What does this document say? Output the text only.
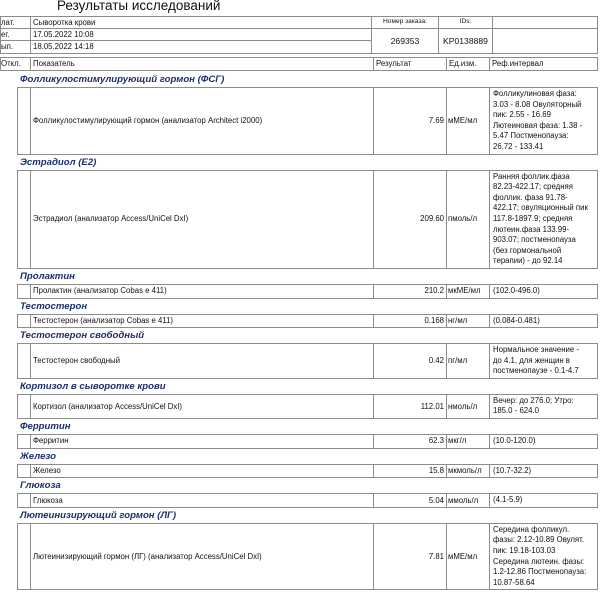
Результаты исследований
лат.	Сыворотка крови	Номер заказа:	IDs:
ег.	17.05.2022 10:08
269353	KP0138889
ып.	18.05.2022 14:18
Откл.	Показатель	Результат	Ед.изм.	Реф.интервал
Фолликулостимулирующий гормон (ФСГ)
Фолликулостимулирующий гормон (анализатор Architect i2000)	7.69 мМЕ/мл
Фолликулиновая фаза:
3.03 - 8.08 Овуляторный
пик: 2.55 - 16.69
Лютеиновая фаза: 1.38 -
5.47 Постменопауза:
26.72 - 133.41
Эстрадиол (Е2)
Эстрадиол (анализатор Access/UniCel DxI)	209.60 пмоль/л
Ранняя фоллик.фаза
82.23-422.17; средняя
фоллик. фаза 91.78-
422.17; овуляционный пик
117.8-1897.9; средняя
лютеин.фаза 133.99-
903.07; постменопауза
(без гормональной
терапии) - до 92.14
Пролактин
Пролактин (анализатор Cobas e 411)	210.2 мкМЕ/мл	(102.0-496.0)
Тестостерон
Тестостерон (анализатор Cobas e 411)	0.168 нг/мл	(0.084-0.481)
Тестостерон свободный
Тестостерон свободный	0.42 пг/мл
Нормальное значение -
до 4.1, для женщин в
постменопаузе - 0.1-4.7
Кортизол в сыворотке крови
Кортизол (анализатор Access/UniCel DxI)	112.01 нмоль/л
Вечер: до 276.0; Утро:
185.0 - 624.0
Ферритин
Ферритин	62.3 мкг/л	(10.0-120.0)
Железо
Железо	15.8 мкмоль/л	(10.7-32.2)
Глюкоза
Глюкоза	5.04 ммоль/л	(4.1-5.9)
Лютеинизирующий гормон (ЛГ)
Лютеинизирующий гормон (ЛГ) (анализатор Access/UniCel DxI)	7.81 мМЕ/мл
Середина фолликул.
фазы: 2.12-10.89 Овулят.
пик: 19.18-103.03
Середина лютеин. фазы:
1.2-12.86 Постменопауза:
10.87-58.64
